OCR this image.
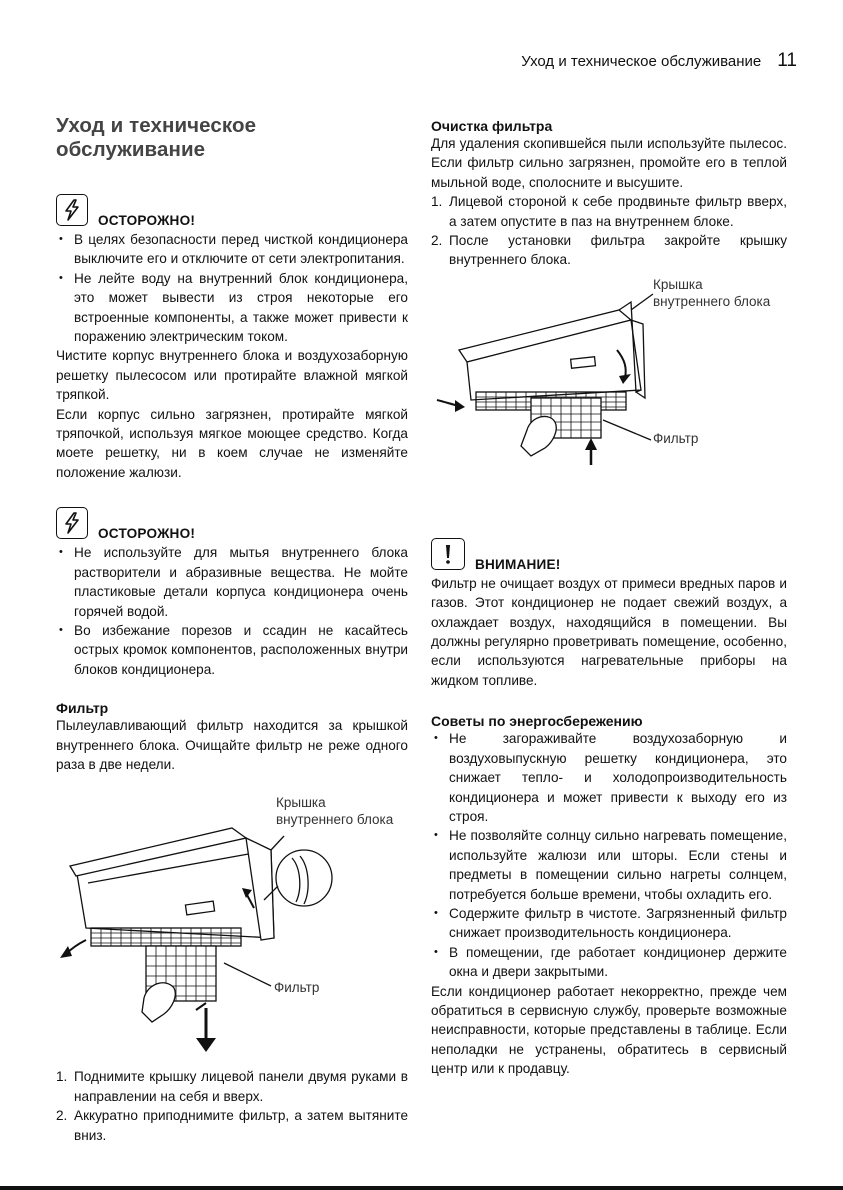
Уход и техническое обслуживание 11
Уход и техническое обслуживание
ОСТОРОЖНО!
• В целях безопасности перед чисткой кондиционера выключите его и отключите от сети электропитания.
• Не лейте воду на внутренний блок кондиционера, это может вывести из строя некоторые его встроенные компоненты, а также может привести к поражению электрическим током.

Чистите корпус внутреннего блока и воздухозаборную решетку пылесосом или протирайте влажной мягкой тряпкой.

Если корпус сильно загрязнен, протирайте мягкой тряпочкой, используя мягкое моющее средство. Когда моете решетку, ни в коем случае не изменяйте положение жалюзи.

ОСТОРОЖНО!
• Не используйте для мытья внутреннего блока растворители и абразивные вещества. Не мойте пластиковые детали корпуса кондиционера очень горячей водой.
• Во избежание порезов и ссадин не касайтесь острых кромок компонентов, расположенных внутри блоков кондиционера.
Фильтр

Пылеулавливающий фильтр находится за крышкой внутреннего блока. Очищайте фильтр не реже одного раза в две недели.

Крышка
внутреннего блока
Фильтр
1. Поднимите крышку лицевой панели двумя руками в направлении на себя и вверх.
2. Аккуратно приподнимите фильтр, а затем вытяните вниз.
Очистка фильтра

Для удаления скопившейся пыли используйте пылесос. Если фильтр сильно загрязнен, промойте его в теплой мыльной воде, сполосните и высушите.

1. Лицевой стороной к себе продвиньте фильтр вверх, а затем опустите в паз на внутреннем блоке.
2. После установки фильтра закройте крышку внутреннего блока.
Крышка
внутреннего блока
Фильтр
ВНИМАНИЕ!

Фильтр не очищает воздух от примеси вредных паров и газов. Этот кондиционер не подает свежий воздух, а охлаждает воздух, находящийся в помещении. Вы должны регулярно проветривать помещение, особенно, если используются нагревательные приборы на жидком топливе.

Советы по энергосбережению
• Не загораживайте воздухозаборную и воздуховыпускную решетку кондиционера, это снижает тепло- и холодопроизводительность кондиционера и может привести к выходу его из строя.
• Не позволяйте солнцу сильно нагревать помещение, используйте жалюзи или шторы. Если стены и предметы в помещении сильно нагреты солнцем, потребуется больше времени, чтобы охладить его.
• Содержите фильтр в чистоте. Загрязненный фильтр снижает производительность кондиционера.
• В помещении, где работает кондиционер держите окна и двери закрытыми.

Если кондиционер работает некорректно, прежде чем обратиться в сервисную службу, проверьте возможные неисправности, которые представлены в таблице. Если неполадки не устранены, обратитесь в сервисный центр или к продавцу.
